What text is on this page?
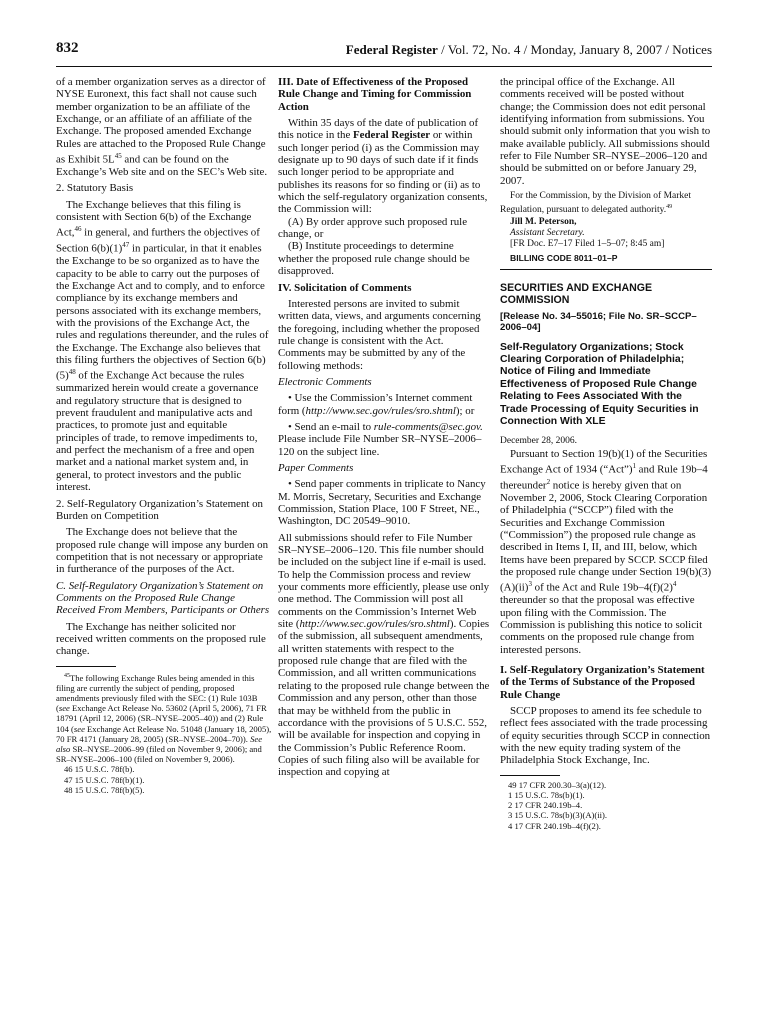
832	Federal Register / Vol. 72, No. 4 / Monday, January 8, 2007 / Notices

of a member organization serves as a director of NYSE Euronext, this fact shall not cause such member organization to be an affiliate of the Exchange, or an affiliate of an affiliate of the Exchange. The proposed amended Exchange Rules are attached to the Proposed Rule Change as Exhibit $5L^{45}$ and can be found on the Exchange’s Web site and on the SEC’s Web site.

2. Statutory Basis

The Exchange believes that this filing is consistent with Section 6(b) of the Exchange Act,$^{46}$ in general, and furthers the objectives of Section $6(b)(1)^{47}$ in particular, in that it enables the Exchange to be so organized as to have the capacity to be able to carry out the purposes of the Exchange Act and to comply, and to enforce compliance by its exchange members and persons associated with its exchange members, with the provisions of the Exchange Act, the rules and regulations thereunder, and the rules of the Exchange. The Exchange also believes that this filing furthers the objectives of Section $6(b)(5)^{48}$ of the Exchange Act because the rules summarized herein would create a governance and regulatory structure that is designed to prevent fraudulent and manipulative acts and practices, to promote just and equitable principles of trade, to remove impediments to, and perfect the mechanism of a free and open market and a national market system and, in general, to protect investors and the public interest.

2. Self-Regulatory Organization’s Statement on Burden on Competition

The Exchange does not believe that the proposed rule change will impose any burden on competition that is not necessary or appropriate in furtherance of the purposes of the Act.

C. Self-Regulatory Organization’s Statement on Comments on the Proposed Rule Change Received From Members, Participants or Others

The Exchange has neither solicited nor received written comments on the proposed rule change.

$^{45}$The following Exchange Rules being amended in this filing are currently the subject of pending, proposed amendments previously filed with the SEC: (1) Rule 103B (see Exchange Act Release No. 53602 (April 5, 2006), 71 FR 18791 (April 12, 2006) (SR–NYSE–2005–40)) and (2) Rule 104 (see Exchange Act Release No. 51048 (January 18, 2005), 70 FR 4171 (January 28, 2005) (SR–NYSE–2004–70)). See also SR–NYSE–2006–99 (filed on November 9, 2006); and SR–NYSE–2006–100 (filed on November 9, 2006).

46 15 U.S.C. 78f(b).

47 15 U.S.C. 78f(b)(1).

48 15 U.S.C. 78f(b)(5).

III. Date of Effectiveness of the Proposed Rule Change and Timing for Commission Action

Within 35 days of the date of publication of this notice in the Federal Register or within such longer period (i) as the Commission may designate up to 90 days of such date if it finds such longer period to be appropriate and publishes its reasons for so finding or (ii) as to which the self-regulatory organization consents, the Commission will:

(A) By order approve such proposed rule change, or

(B) Institute proceedings to determine whether the proposed rule change should be disapproved.

IV. Solicitation of Comments

Interested persons are invited to submit written data, views, and arguments concerning the foregoing, including whether the proposed rule change is consistent with the Act. Comments may be submitted by any of the following methods:

Electronic Comments

• Use the Commission’s Internet comment form (http://www.sec.gov/rules/sro.shtml); or

• Send an e-mail to rule-comments@sec.gov. Please include File Number SR–NYSE–2006–120 on the subject line.

Paper Comments

• Send paper comments in triplicate to Nancy M. Morris, Secretary, Securities and Exchange Commission, Station Place, 100 F Street, NE., Washington, DC 20549–9010.

All submissions should refer to File Number SR–NYSE–2006–120. This file number should be included on the subject line if e-mail is used. To help the Commission process and review your comments more efficiently, please use only one method. The Commission will post all comments on the Commission’s Internet Web site (http://www.sec.gov/rules/sro.shtml). Copies of the submission, all subsequent amendments, all written statements with respect to the proposed rule change that are filed with the Commission, and all written communications relating to the proposed rule change between the Commission and any person, other than those that may be withheld from the public in accordance with the provisions of 5 U.S.C. 552, will be available for inspection and copying in the Commission’s Public Reference Room. Copies of such filing also will be available for inspection and copying at

the principal office of the Exchange. All comments received will be posted without change; the Commission does not edit personal identifying information from submissions. You should submit only information that you wish to make available publicly. All submissions should refer to File Number SR–NYSE–2006–120 and should be submitted on or before January 29, 2007.

For the Commission, by the Division of Market Regulation, pursuant to delegated authority.$^{49}$

Jill M. Peterson,

Assistant Secretary.

[FR Doc. E7–17 Filed 1–5–07; 8:45 am]

BILLING CODE 8011–01–P

SECURITIES AND EXCHANGE COMMISSION

[Release No. 34–55016; File No. SR–SCCP–2006–04]

Self-Regulatory Organizations; Stock Clearing Corporation of Philadelphia; Notice of Filing and Immediate Effectiveness of Proposed Rule Change Relating to Fees Associated With the Trade Processing of Equity Securities in Connection With XLE

December 28, 2006.

Pursuant to Section 19(b)(1) of the Securities Exchange Act of 1934 (“Act”)$^1$ and Rule 19b–4 thereunder$^2$ notice is hereby given that on November 2, 2006, Stock Clearing Corporation of Philadelphia (“SCCP”) filed with the Securities and Exchange Commission (“Commission”) the proposed rule change as described in Items I, II, and III, below, which Items have been prepared by SCCP. SCCP filed the proposed rule change under Section 19(b)(3)(A)(ii)$^3$ of the Act and Rule $19b-4(f)(2)^4$ thereunder so that the proposal was effective upon filing with the Commission. The Commission is publishing this notice to solicit comments on the proposed rule change from interested persons.

I. Self-Regulatory Organization’s Statement of the Terms of Substance of the Proposed Rule Change

SCCP proposes to amend its fee schedule to reflect fees associated with the trade processing of equity securities through SCCP in connection with the new equity trading system of the Philadelphia Stock Exchange, Inc.

49 17 CFR 200.30–3(a)(12).

1 15 U.S.C. 78s(b)(1).

2 17 CFR 240.19b–4.

3 15 U.S.C. 78s(b)(3)(A)(ii).

4 17 CFR 240.19b–4(f)(2).
